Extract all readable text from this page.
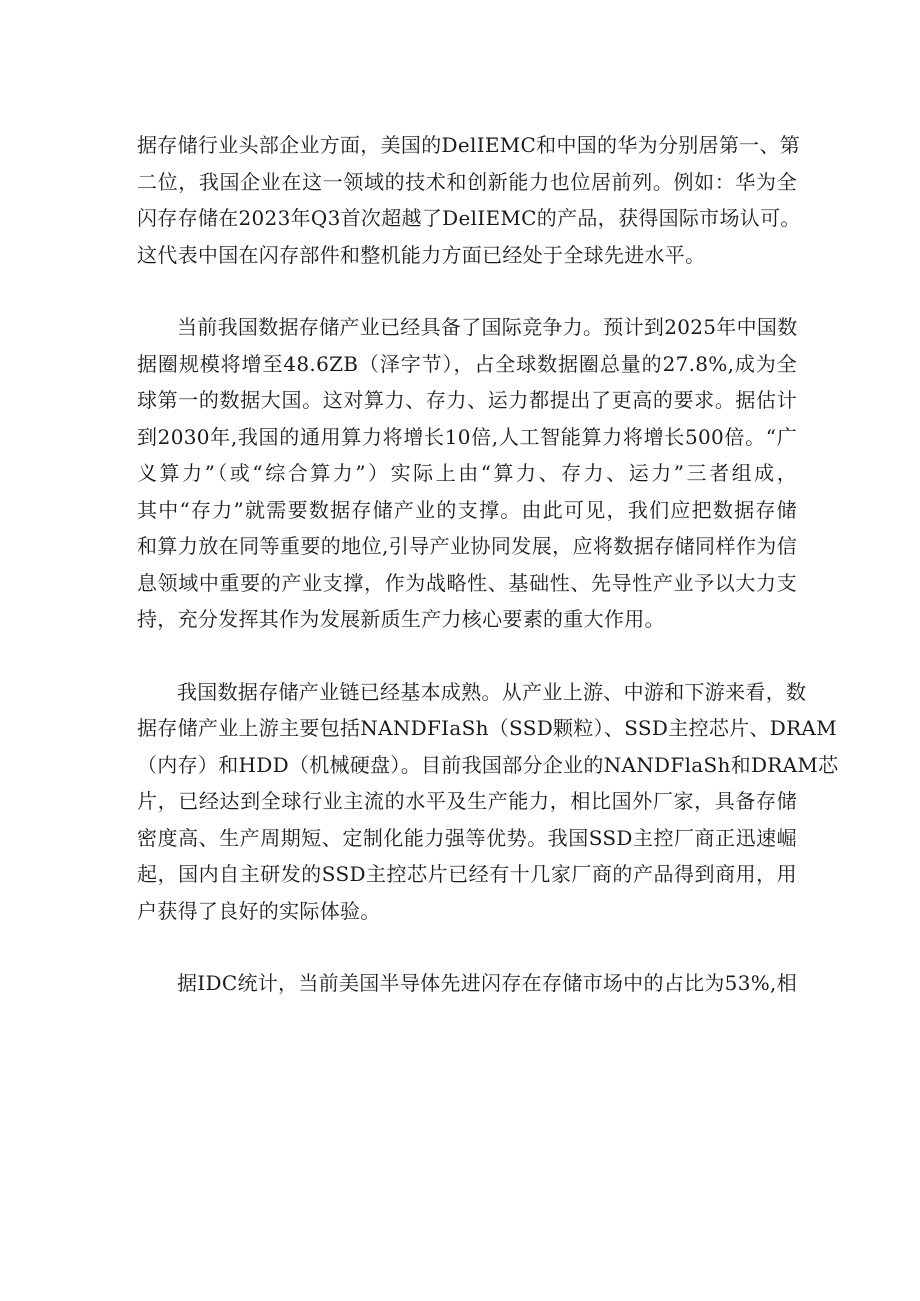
据存储行业头部企业方面，美国的DelIEMC和中国的华为分别居第一、第
二位，我国企业在这一领域的技术和创新能力也位居前列。例如：华为全
闪存存储在2023年Q3首次超越了DelIEMC的产品，获得国际市场认可。
这代表中国在闪存部件和整机能力方面已经处于全球先进水平。

当前我国数据存储产业已经具备了国际竞争力。预计到2025年中国数
据圈规模将增至48.6ZB（泽字节），占全球数据圈总量的27.8%,成为全
球第一的数据大国。这对算力、存力、运力都提出了更高的要求。据估计
到2030年,我国的通用算力将增长10倍,人工智能算力将增长500倍。“广
义算力”（或“综合算力”）实际上由“算力、存力、运力”三者组成，
其中“存力”就需要数据存储产业的支撑。由此可见，我们应把数据存储
和算力放在同等重要的地位,引导产业协同发展，应将数据存储同样作为信
息领域中重要的产业支撑，作为战略性、基础性、先导性产业予以大力支
持，充分发挥其作为发展新质生产力核心要素的重大作用。

我国数据存储产业链已经基本成熟。从产业上游、中游和下游来看，数
据存储产业上游主要包括NANDFIaSh（SSD颗粒）、SSD主控芯片、DRAM
（内存）和HDD（机械硬盘）。目前我国部分企业的NANDFlaSh和DRAM芯
片，已经达到全球行业主流的水平及生产能力，相比国外厂家，具备存储
密度高、生产周期短、定制化能力强等优势。我国SSD主控厂商正迅速崛
起，国内自主研发的SSD主控芯片已经有十几家厂商的产品得到商用，用
户获得了良好的实际体验。

据IDC统计，当前美国半导体先进闪存在存储市场中的占比为53%,相
